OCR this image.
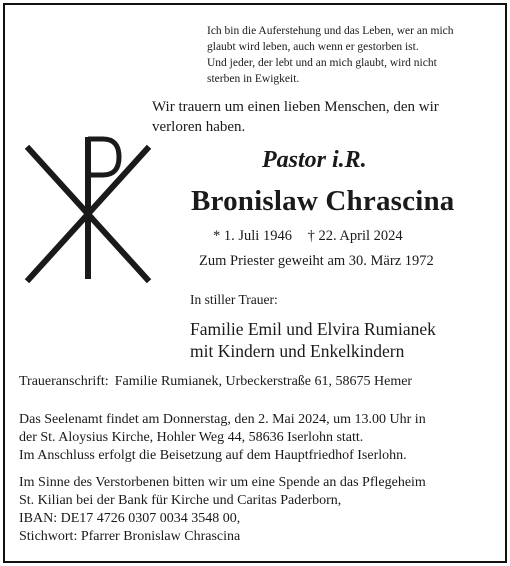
Ich bin die Auferstehung und das Leben, wer an mich
glaubt wird leben, auch wenn er gestorben ist.
Und jeder, der lebt und an mich glaubt, wird nicht
sterben in Ewigkeit.
Wir trauern um einen lieben Menschen, den wir
verloren haben.
Pastor i.R.
Bronislaw Chrascina
* 1. Juli 1946 † 22. April 2024
Zum Priester geweiht am 30. März 1972
In stiller Trauer:
Familie Emil und Elvira Rumianek
mit Kindern und Enkelkindern
Traueranschrift: Familie Rumianek, Urbeckerstraße 61, 58675 Hemer
Das Seelenamt findet am Donnerstag, den 2. Mai 2024, um 13.00 Uhr in
der St. Aloysius Kirche, Hohler Weg 44, 58636 Iserlohn statt.
Im Anschluss erfolgt die Beisetzung auf dem Hauptfriedhof Iserlohn.
Im Sinne des Verstorbenen bitten wir um eine Spende an das Pflegeheim
St. Kilian bei der Bank für Kirche und Caritas Paderborn,
IBAN: DE17 4726 0307 0034 3548 00,
Stichwort: Pfarrer Bronislaw Chrascina
